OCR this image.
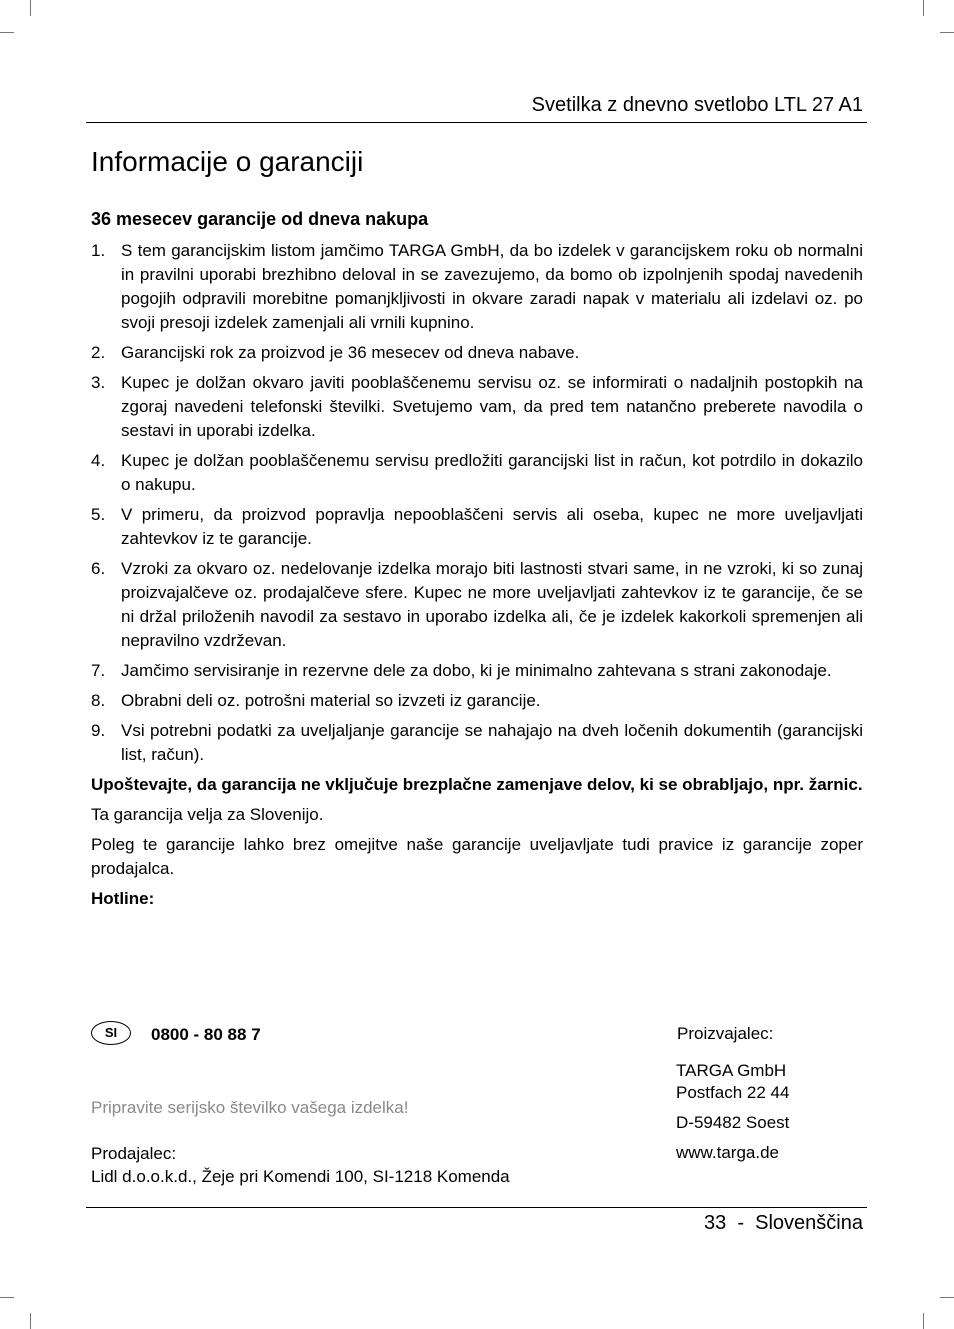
Svetilka z dnevno svetlobo LTL 27 A1
Informacije o garanciji

36 mesecev garancije od dneva nakupa

1. S tem garancijskim listom jamčimo TARGA GmbH, da bo izdelek v garancijskem roku ob normalni in pravilni uporabi brezhibno deloval in se zavezujemo, da bomo ob izpolnjenih spodaj navedenih pogojih odpravili morebitne pomanjkljivosti in okvare zaradi napak v materialu ali izdelavi oz. po svoji presoji izdelek zamenjali ali vrnili kupnino.
2. Garancijski rok za proizvod je 36 mesecev od dneva nabave.
3. Kupec je dolžan okvaro javiti pooblaščenemu servisu oz. se informirati o nadaljnih postopkih na zgoraj navedeni telefonski številki. Svetujemo vam, da pred tem natančno preberete navodila o sestavi in uporabi izdelka.
4. Kupec je dolžan pooblaščenemu servisu predložiti garancijski list in račun, kot potrdilo in dokazilo o nakupu.
5. V primeru, da proizvod popravlja nepooblaščeni servis ali oseba, kupec ne more uveljavljati zahtevkov iz te garancije.
6. Vzroki za okvaro oz. nedelovanje izdelka morajo biti lastnosti stvari same, in ne vzroki, ki so zunaj proizvajalčeve oz. prodajalčeve sfere. Kupec ne more uveljavljati zahtevkov iz te garancije, če se ni držal priloženih navodil za sestavo in uporabo izdelka ali, če je izdelek kakorkoli spremenjen ali nepravilno vzdrževan.
7. Jamčimo servisiranje in rezervne dele za dobo, ki je minimalno zahtevana s strani zakonodaje.
8. Obrabni deli oz. potrošni material so izvzeti iz garancije.
9. Vsi potrebni podatki za uveljaljanje garancije se nahajajo na dveh ločenih dokumentih (garancijski list, račun).

Upoštevajte, da garancija ne vključuje brezplačne zamenjave delov, ki se obrabljajo, npr. žarnic.

Ta garancija velja za Slovenijo.

Poleg te garancije lahko brez omejitve naše garancije uveljavljate tudi pravice iz garancije zoper prodajalca.

Hotline:

SI	0800 - 80 88 7
Pripravite serijsko številko vašega izdelka!
Prodajalec:
Lidl d.o.o.k.d., Žeje pri Komendi 100, SI-1218 Komenda
Proizvajalec:
TARGA GmbH
Postfach 22 44
D-59482 Soest
www.targa.de
33  -  Slovenščina
